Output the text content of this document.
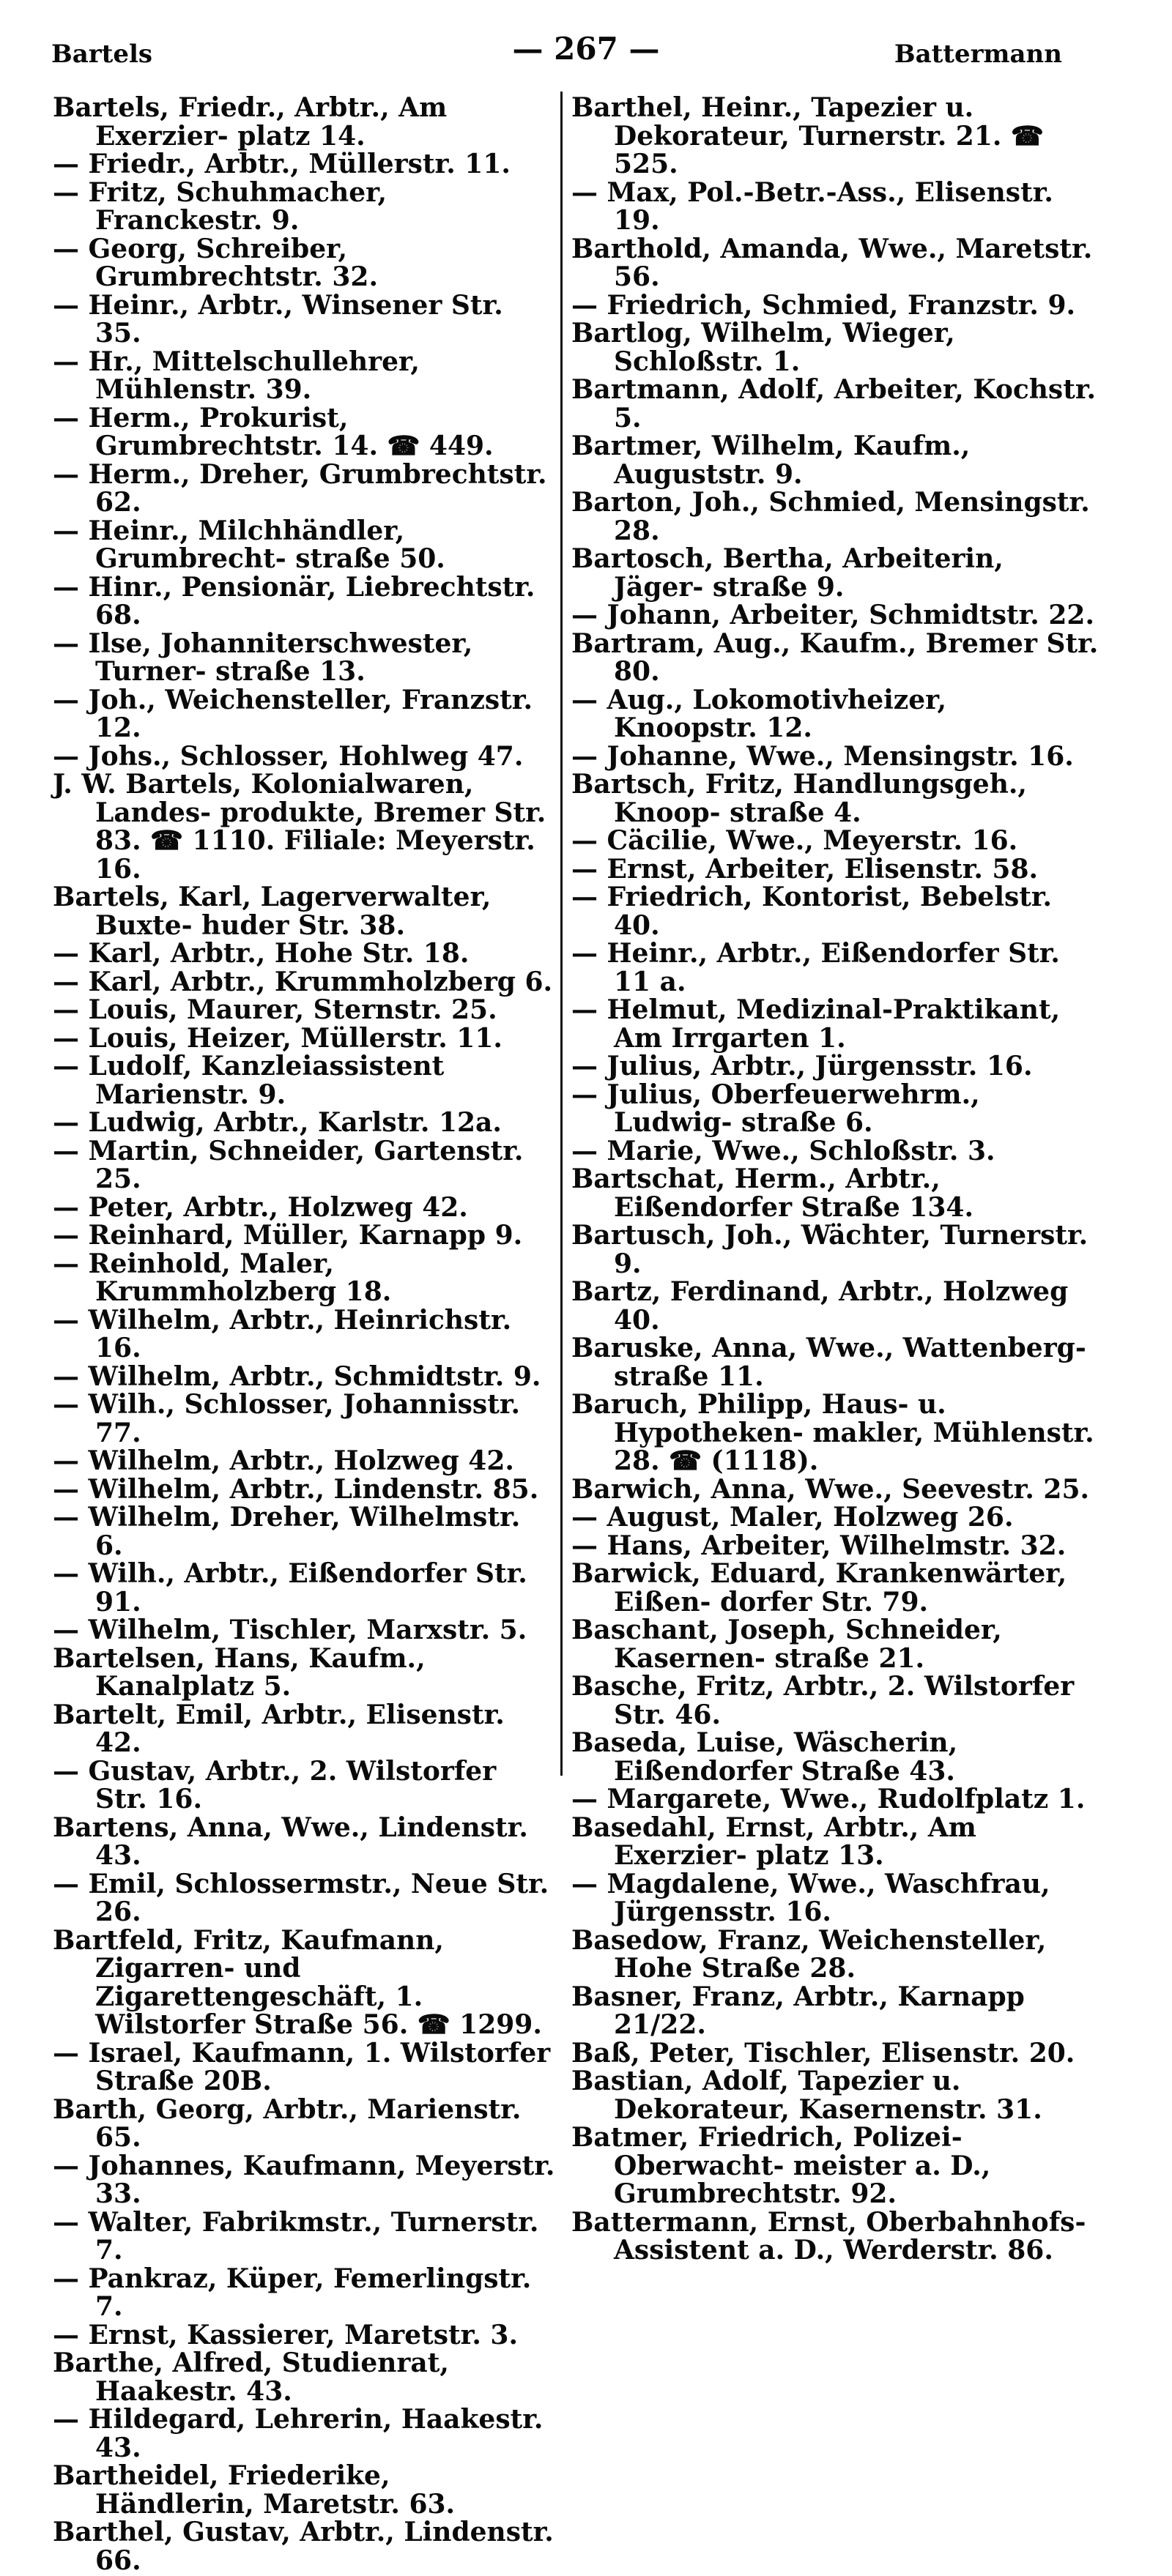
Bartels	— 267 —	Battermann

Bartels, Friedr., Arbtr., Am Exerzier- platz 14.

— Friedr., Arbtr., Müllerstr. 11.

— Fritz, Schuhmacher, Franckestr. 9.

— Georg, Schreiber, Grumbrechtstr. 32.

— Heinr., Arbtr., Winsener Str. 35.

— Hr., Mittelschullehrer, Mühlenstr. 39.

— Herm., Prokurist, Grumbrechtstr. 14. ☎ 449.

— Herm., Dreher, Grumbrechtstr. 62.

— Heinr., Milchhändler, Grumbrecht- straße 50.

— Hinr., Pensionär, Liebrechtstr. 68.

— Ilse, Johanniterschwester, Turner- straße 13.

— Joh., Weichensteller, Franzstr. 12.

— Johs., Schlosser, Hohlweg 47.

J. W. Bartels, Kolonialwaren, Landes- produkte, Bremer Str. 83. ☎ 1110. Filiale: Meyerstr. 16.

Bartels, Karl, Lagerverwalter, Buxte- huder Str. 38.

— Karl, Arbtr., Hohe Str. 18.

— Karl, Arbtr., Krummholzberg 6.

— Louis, Maurer, Sternstr. 25.

— Louis, Heizer, Müllerstr. 11.

— Ludolf, Kanzleiassistent Marienstr. 9.

— Ludwig, Arbtr., Karlstr. 12a.

— Martin, Schneider, Gartenstr. 25.

— Peter, Arbtr., Holzweg 42.

— Reinhard, Müller, Karnapp 9.

— Reinhold, Maler, Krummholzberg 18.

— Wilhelm, Arbtr., Heinrichstr. 16.

— Wilhelm, Arbtr., Schmidtstr. 9.

— Wilh., Schlosser, Johannisstr. 77.

— Wilhelm, Arbtr., Holzweg 42.

— Wilhelm, Arbtr., Lindenstr. 85.

— Wilhelm, Dreher, Wilhelmstr. 6.

— Wilh., Arbtr., Eißendorfer Str. 91.

— Wilhelm, Tischler, Marxstr. 5.

Bartelsen, Hans, Kaufm., Kanalplatz 5.

Bartelt, Emil, Arbtr., Elisenstr. 42.

— Gustav, Arbtr., 2. Wilstorfer Str. 16.

Bartens, Anna, Wwe., Lindenstr. 43.

— Emil, Schlossermstr., Neue Str. 26.

Bartfeld, Fritz, Kaufmann, Zigarren- und Zigarettengeschäft, 1. Wilstorfer Straße 56. ☎ 1299.

— Israel, Kaufmann, 1. Wilstorfer Straße 20B.

Barth, Georg, Arbtr., Marienstr. 65.

— Johannes, Kaufmann, Meyerstr. 33.

— Walter, Fabrikmstr., Turnerstr. 7.

— Pankraz, Küper, Femerlingstr. 7.

— Ernst, Kassierer, Maretstr. 3.

Barthe, Alfred, Studienrat, Haakestr. 43.

— Hildegard, Lehrerin, Haakestr. 43.

Bartheidel, Friederike, Händlerin, Maretstr. 63.

Barthel, Gustav, Arbtr., Lindenstr. 66.

Barthel, Heinr., Tapezier u. Dekorateur, Turnerstr. 21. ☎ 525.

— Max, Pol.-Betr.-Ass., Elisenstr. 19.

Barthold, Amanda, Wwe., Maretstr. 56.

— Friedrich, Schmied, Franzstr. 9.

Bartlog, Wilhelm, Wieger, Schloßstr. 1.

Bartmann, Adolf, Arbeiter, Kochstr. 5.

Bartmer, Wilhelm, Kaufm., Auguststr. 9.

Barton, Joh., Schmied, Mensingstr. 28.

Bartosch, Bertha, Arbeiterin, Jäger- straße 9.

— Johann, Arbeiter, Schmidtstr. 22.

Bartram, Aug., Kaufm., Bremer Str. 80.

— Aug., Lokomotivheizer, Knoopstr. 12.

— Johanne, Wwe., Mensingstr. 16.

Bartsch, Fritz, Handlungsgeh., Knoop- straße 4.

— Cäcilie, Wwe., Meyerstr. 16.

— Ernst, Arbeiter, Elisenstr. 58.

— Friedrich, Kontorist, Bebelstr. 40.

— Heinr., Arbtr., Eißendorfer Str. 11 a.

— Helmut, Medizinal-Praktikant, Am Irrgarten 1.

— Julius, Arbtr., Jürgensstr. 16.

— Julius, Oberfeuerwehrm., Ludwig- straße 6.

— Marie, Wwe., Schloßstr. 3.

Bartschat, Herm., Arbtr., Eißendorfer Straße 134.

Bartusch, Joh., Wächter, Turnerstr. 9.

Bartz, Ferdinand, Arbtr., Holzweg 40.

Baruske, Anna, Wwe., Wattenberg- straße 11.

Baruch, Philipp, Haus- u. Hypotheken- makler, Mühlenstr. 28. ☎ (1118).

Barwich, Anna, Wwe., Seevestr. 25.

— August, Maler, Holzweg 26.

— Hans, Arbeiter, Wilhelmstr. 32.

Barwick, Eduard, Krankenwärter, Eißen- dorfer Str. 79.

Baschant, Joseph, Schneider, Kasernen- straße 21.

Basche, Fritz, Arbtr., 2. Wilstorfer Str. 46.

Baseda, Luise, Wäscherin, Eißendorfer Straße 43.

— Margarete, Wwe., Rudolfplatz 1.

Basedahl, Ernst, Arbtr., Am Exerzier- platz 13.

— Magdalene, Wwe., Waschfrau, Jürgensstr. 16.

Basedow, Franz, Weichensteller, Hohe Straße 28.

Basner, Franz, Arbtr., Karnapp 21/22.

Baß, Peter, Tischler, Elisenstr. 20.

Bastian, Adolf, Tapezier u. Dekorateur, Kasernenstr. 31.

Batmer, Friedrich, Polizei-Oberwacht- meister a. D., Grumbrechtstr. 92.

Battermann, Ernst, Oberbahnhofs- Assistent a. D., Werderstr. 86.
